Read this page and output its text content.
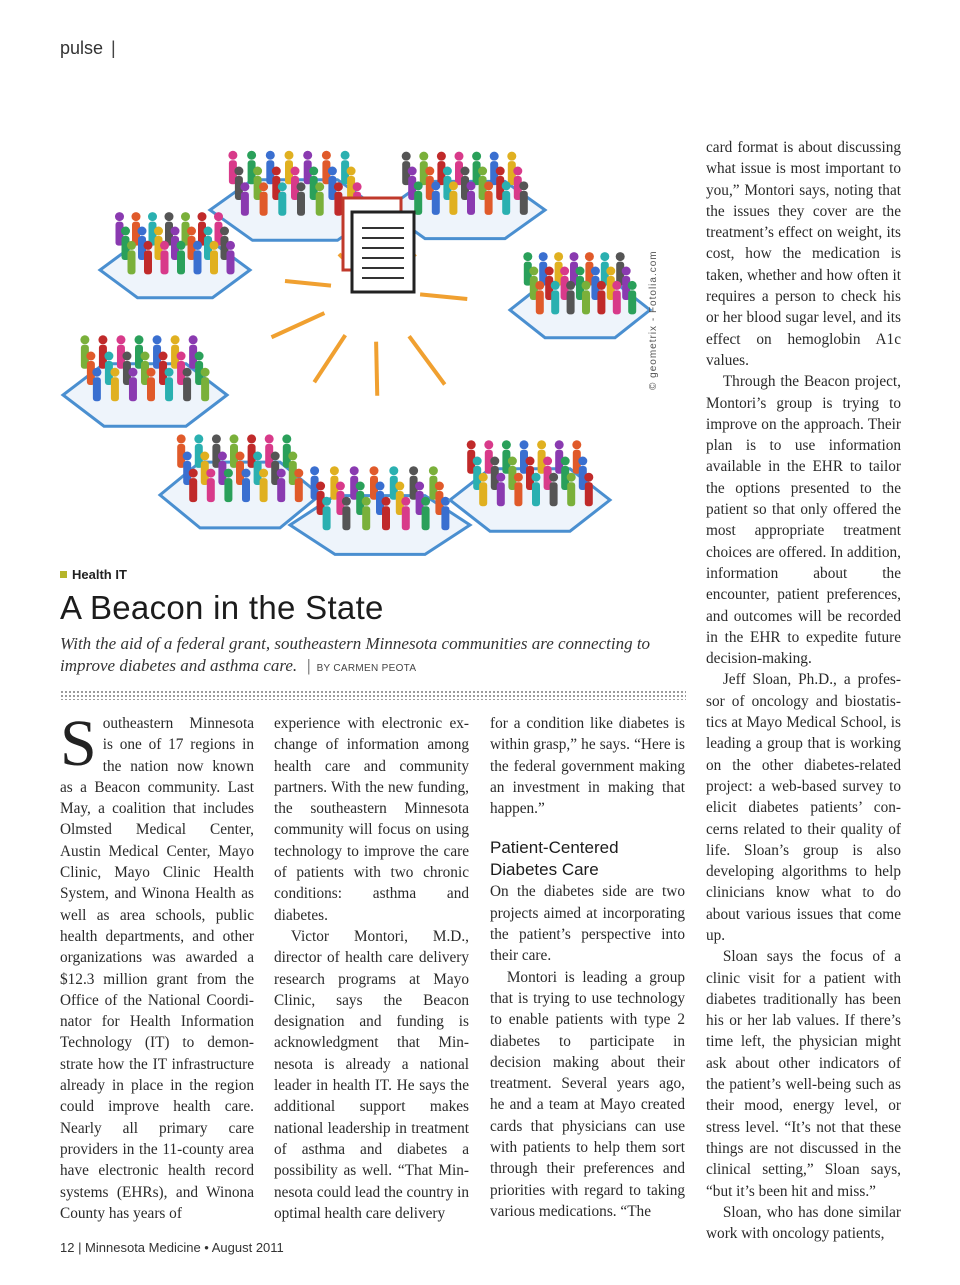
pulse |
© geometrix - Fotolia.com
Health IT
A Beacon in the State
With the aid of a federal grant, southeastern Minnesota communities are connecting to improve diabetes and asthma care. | BY CARMEN PEOTA

Southeastern Minnesota is one of 17 regions in the nation now known as a Beacon community. Last May, a coalition that includes Olmsted Medical Center, Austin Medical Center, Mayo Clinic, Mayo Clinic Health System, and Winona Health as well as area schools, public health departments, and other organizations was awarded a $12.3 million grant from the Office of the National Coordinator for Health Information Technology (IT) to demonstrate how the IT infrastructure already in place in the region could improve health care. Nearly all primary care providers in the 11-county area have electronic health record systems (EHRs), and Winona County has years of

experience with electronic exchange of information among health care and community partners. With the new funding, the southeastern Minnesota community will focus on using technology to improve the care of patients with two chronic conditions: asthma and diabetes.

Victor Montori, M.D., director of health care delivery research programs at Mayo Clinic, says the Beacon designation and funding is acknowledgment that Minnesota is already a national leader in health IT. He says the additional support makes national leadership in treatment of asthma and diabetes a possibility as well. “That Minnesota could lead the country in optimal health care delivery

for a condition like diabetes is within grasp,” he says. “Here is the federal government making an investment in making that happen.”

Patient-Centered Diabetes Care

On the diabetes side are two projects aimed at incorporating the patient’s perspective into their care.

Montori is leading a group that is trying to use technology to enable patients with type 2 diabetes to participate in decision making about their treatment. Several years ago, he and a team at Mayo created cards that physicians can use with patients to help them sort through their preferences and priorities with regard to taking various medications. “The

card format is about discussing what issue is most important to you,” Montori says, noting that the issues they cover are the treatment’s effect on weight, its cost, how the medication is taken, whether and how often it requires a person to check his or her blood sugar level, and its effect on hemoglobin A1c values.

Through the Beacon project, Montori’s group is trying to improve on the approach. Their plan is to use information available in the EHR to tailor the options presented to the patient so that only offered the most appropriate treatment choices are offered. In addition, information about the encounter, patient preferences, and outcomes will be recorded in the EHR to expedite future decision-making.

Jeff Sloan, Ph.D., a professor of oncology and biostatistics at Mayo Medical School, is leading a group that is working on the other diabetes-related project: a web-based survey to elicit diabetes patients’ concerns related to their quality of life. Sloan’s group is also developing algorithms to help clinicians know what to do about various issues that come up.

Sloan says the focus of a clinic visit for a patient with diabetes traditionally has been his or her lab values. If there’s time left, the physician might ask about other indicators of the patient’s well-being such as their mood, energy level, or stress level. “It’s not that these things are not discussed in the clinical setting,” Sloan says, “but it’s been hit and miss.”

Sloan, who has done similar work with oncology patients,

12 | Minnesota Medicine • August 2011
